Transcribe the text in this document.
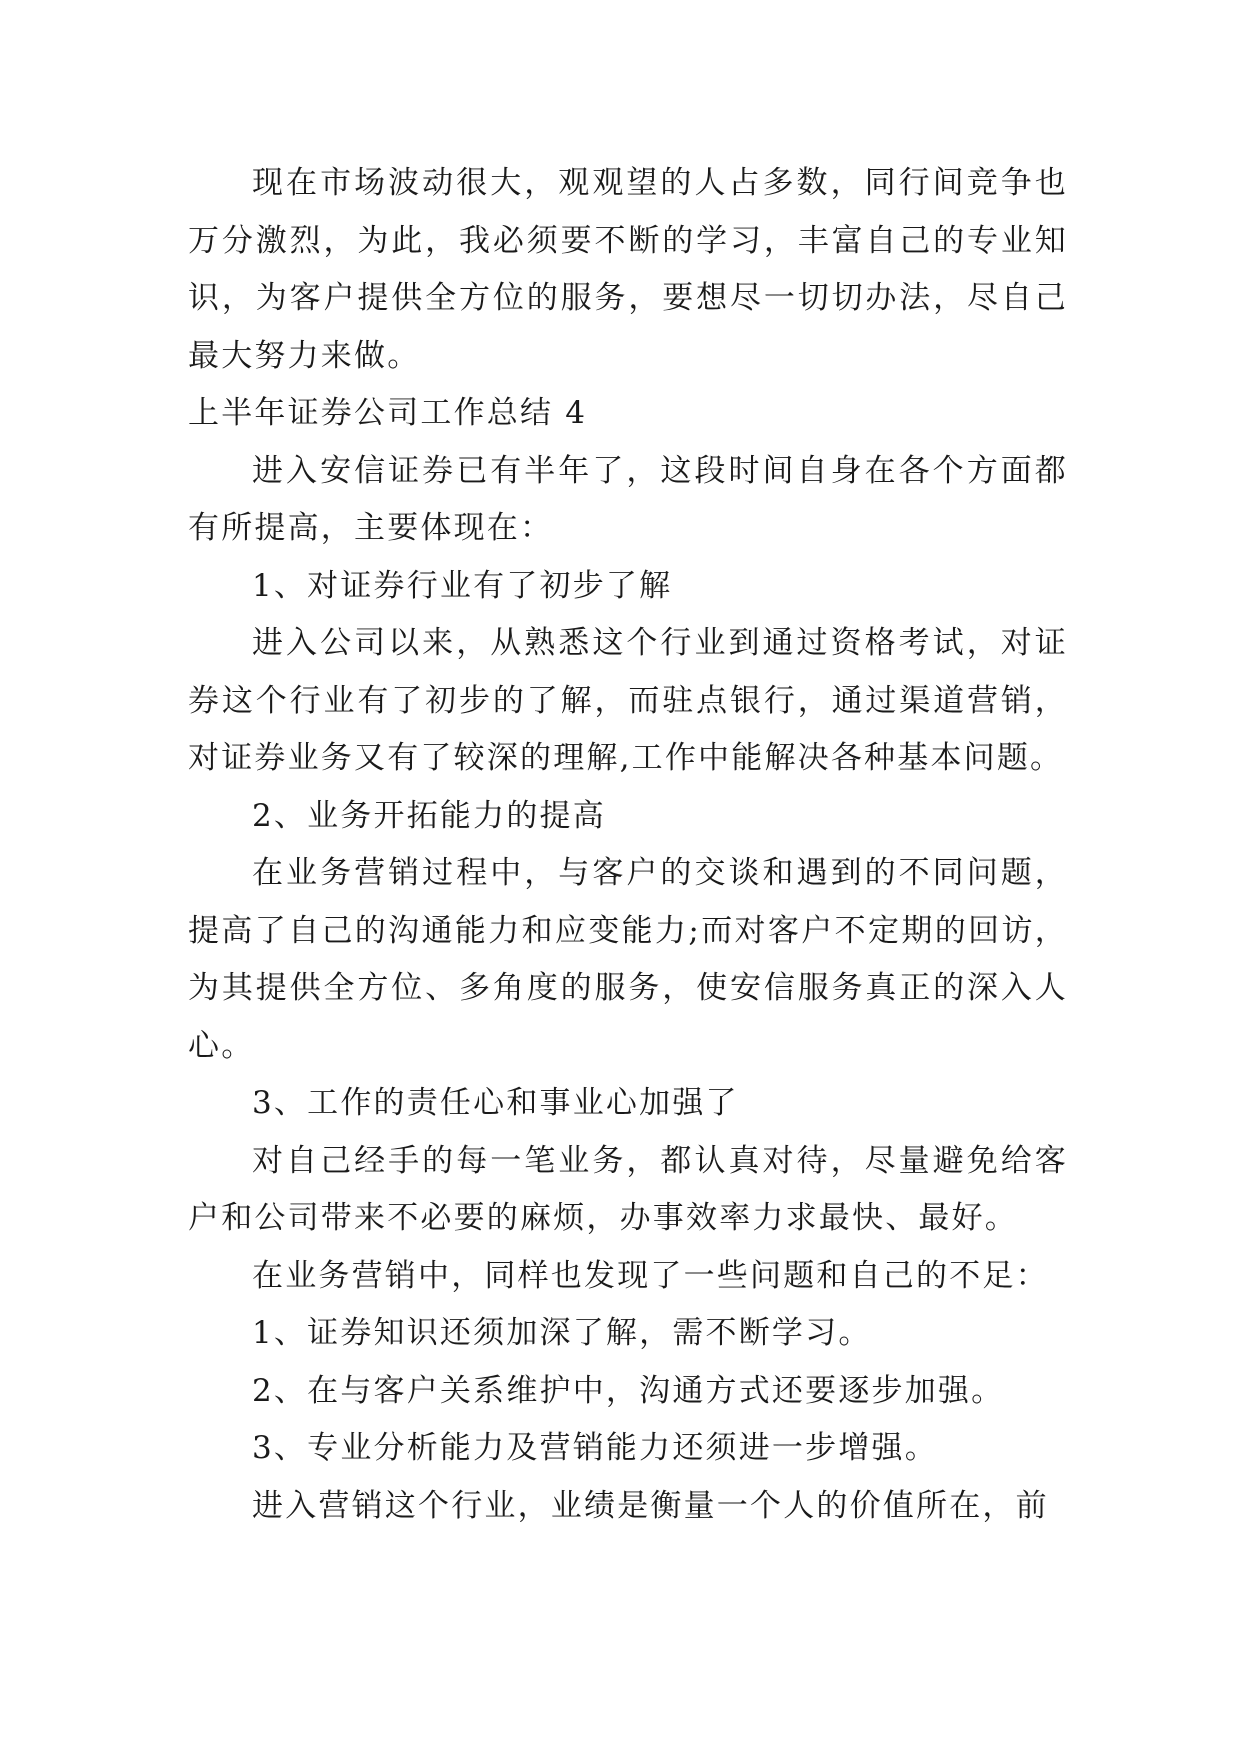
现在市场波动很大，观观望的人占多数，同行间竞争也万分激烈，为此，我必须要不断的学习，丰富自己的专业知识，为客户提供全方位的服务，要想尽一切切办法，尽自己最大努力来做。

上半年证券公司工作总结 4

进入安信证券已有半年了，这段时间自身在各个方面都有所提高，主要体现在：

1、对证券行业有了初步了解

进入公司以来，从熟悉这个行业到通过资格考试，对证券这个行业有了初步的了解，而驻点银行，通过渠道营销，对证券业务又有了较深的理解,工作中能解决各种基本问题。

2、业务开拓能力的提高

在业务营销过程中，与客户的交谈和遇到的不同问题，提高了自己的沟通能力和应变能力;而对客户不定期的回访，为其提供全方位、多角度的服务，使安信服务真正的深入人心。

3、工作的责任心和事业心加强了

对自己经手的每一笔业务，都认真对待，尽量避免给客户和公司带来不必要的麻烦，办事效率力求最快、最好。

在业务营销中，同样也发现了一些问题和自己的不足：

1、证券知识还须加深了解，需不断学习。

2、在与客户关系维护中，沟通方式还要逐步加强。

3、专业分析能力及营销能力还须进一步增强。

进入营销这个行业，业绩是衡量一个人的价值所在，前
